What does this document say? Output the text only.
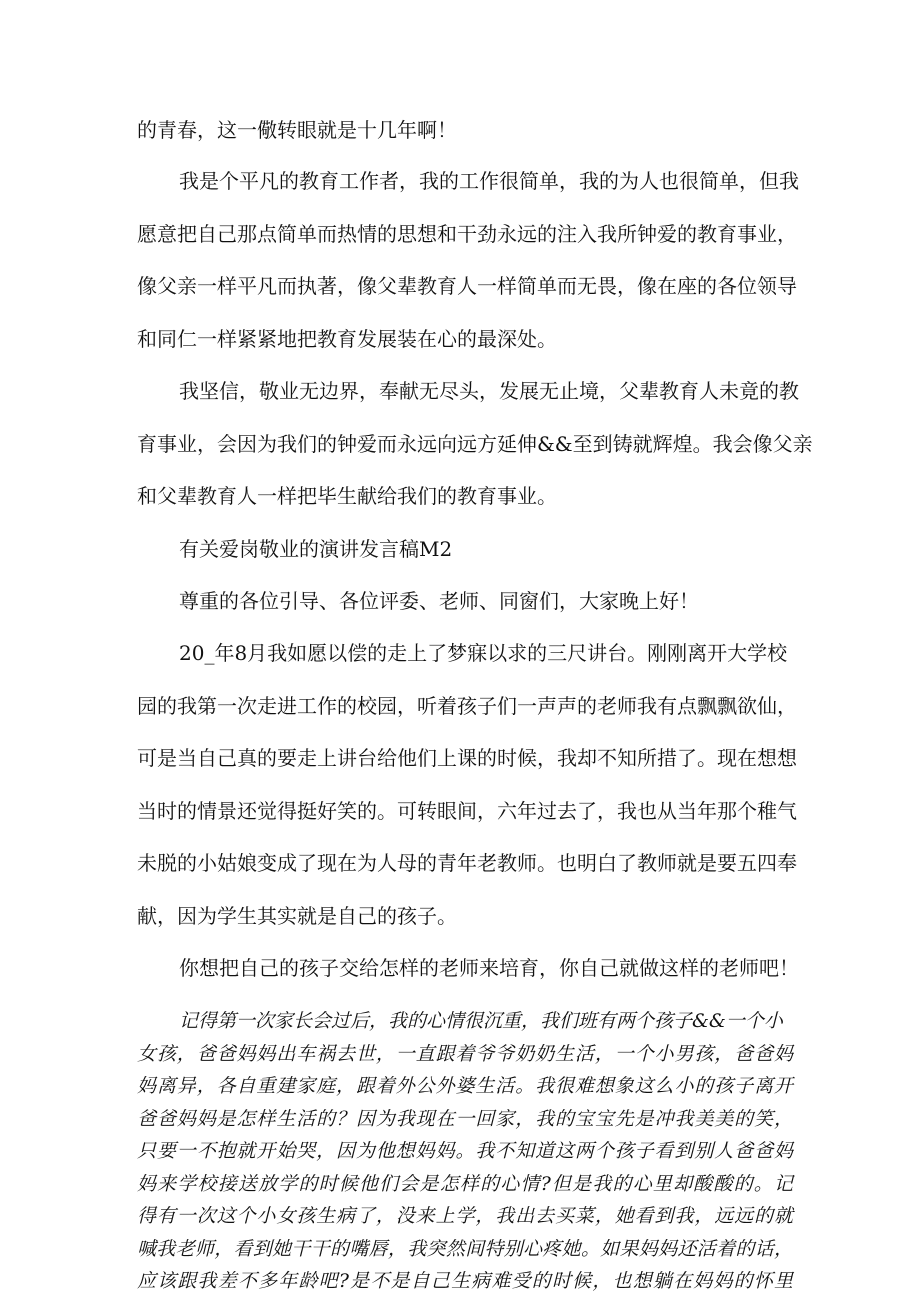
的青春，这一儆转眼就是十几年啊！

我是个平凡的教育工作者，我的工作很简单，我的为人也很简单，但我

愿意把自己那点简单而热情的思想和干劲永远的注入我所钟爱的教育事业，

像父亲一样平凡而执著，像父辈教育人一样简单而无畏，像在座的各位领导

和同仁一样紧紧地把教育发展装在心的最深处。

我坚信，敬业无边界，奉献无尽头，发展无止境，父辈教育人未竟的教

育事业，会因为我们的钟爱而永远向远方延伸&&至到铸就辉煌。我会像父亲

和父辈教育人一样把毕生献给我们的教育事业。

有关爱岗敬业的演讲发言稿M2

尊重的各位引导、各位评委、老师、同窗们，大家晚上好！

20_年8月我如愿以偿的走上了梦寐以求的三尺讲台。刚刚离开大学校

园的我第一次走进工作的校园，听着孩子们一声声的老师我有点飘飘欲仙，

可是当自己真的要走上讲台给他们上课的时候，我却不知所措了。现在想想

当时的情景还觉得挺好笑的。可转眼间，六年过去了，我也从当年那个稚气

未脱的小姑娘变成了现在为人母的青年老教师。也明白了教师就是要五四奉

献，因为学生其实就是自己的孩子。

你想把自己的孩子交给怎样的老师来培育，你自己就做这样的老师吧！

记得第一次家长会过后，我的心情很沉重，我们班有两个孩子&&一个小

女孩，爸爸妈妈出车祸去世，一直跟着爷爷奶奶生活，一个小男孩，爸爸妈

妈离异，各自重建家庭，跟着外公外婆生活。我很难想象这么小的孩子离开

爸爸妈妈是怎样生活的？因为我现在一回家，我的宝宝先是冲我美美的笑，

只要一不抱就开始哭，因为他想妈妈。我不知道这两个孩子看到别人爸爸妈

妈来学校接送放学的时候他们会是怎样的心情?但是我的心里却酸酸的。记

得有一次这个小女孩生病了，没来上学，我出去买菜，她看到我，远远的就

喊我老师，看到她干干的嘴唇，我突然间特别心疼她。如果妈妈还活着的话，

应该跟我差不多年龄吧?是不是自己生病难受的时候，也想躺在妈妈的怀里
